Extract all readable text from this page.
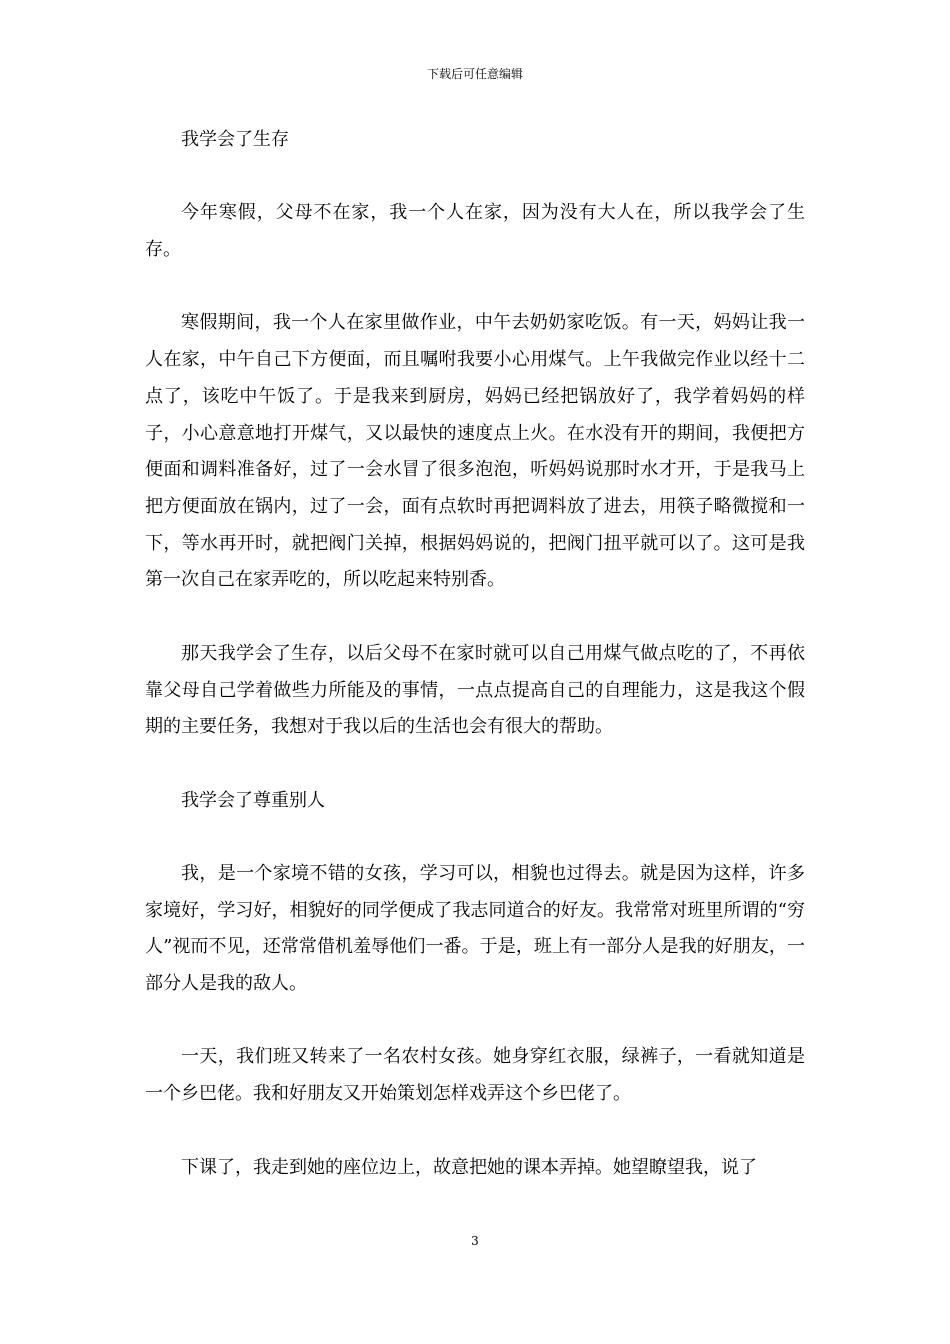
下载后可任意编辑

我学会了生存

今年寒假，父母不在家，我一个人在家，因为没有大人在，所以我学会了生存。

寒假期间，我一个人在家里做作业，中午去奶奶家吃饭。有一天，妈妈让我一人在家，中午自己下方便面，而且嘱咐我要小心用煤气。上午我做完作业以经十二点了，该吃中午饭了。于是我来到厨房，妈妈已经把锅放好了，我学着妈妈的样子，小心意意地打开煤气，又以最快的速度点上火。在水没有开的期间，我便把方便面和调料准备好，过了一会水冒了很多泡泡，听妈妈说那时水才开，于是我马上把方便面放在锅内，过了一会，面有点软时再把调料放了进去，用筷子略微搅和一下，等水再开时，就把阀门关掉，根据妈妈说的，把阀门扭平就可以了。这可是我第一次自己在家弄吃的，所以吃起来特别香。

那天我学会了生存，以后父母不在家时就可以自己用煤气做点吃的了，不再依靠父母自己学着做些力所能及的事情，一点点提高自己的自理能力，这是我这个假期的主要任务，我想对于我以后的生活也会有很大的帮助。

我学会了尊重别人

我，是一个家境不错的女孩，学习可以，相貌也过得去。就是因为这样，许多家境好，学习好，相貌好的同学便成了我志同道合的好友。我常常对班里所谓的“穷人”视而不见，还常常借机羞辱他们一番。于是，班上有一部分人是我的好朋友，一部分人是我的敌人。

一天，我们班又转来了一名农村女孩。她身穿红衣服，绿裤子，一看就知道是一个乡巴佬。我和好朋友又开始策划怎样戏弄这个乡巴佬了。

下课了，我走到她的座位边上，故意把她的课本弄掉。她望瞭望我，说了

3
